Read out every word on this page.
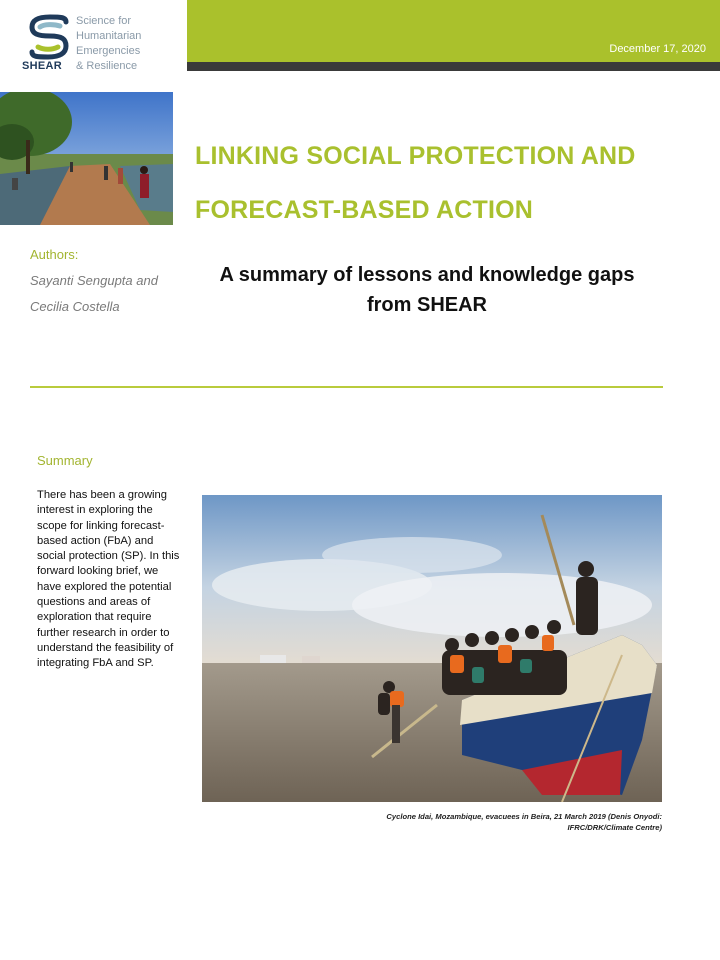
SHEAR
Science for
Humanitarian
Emergencies
& Resilience
December 17, 2020
Authors:
Sayanti Sengupta and
Cecilia Costella
LINKING SOCIAL PROTECTION AND
FORECAST-BASED ACTION
A summary of lessons and knowledge gaps
from SHEAR
Summary
There has been a growing interest in exploring the scope for linking forecast-based action (FbA) and social protection (SP). In this forward looking brief, we have explored the potential questions and areas of exploration that require further research in order to understand the feasibility of integrating FbA and SP.
Cyclone Idai, Mozambique, evacuees in Beira, 21 March 2019 (Denis Onyodi:
IFRC/DRK/Climate Centre)
